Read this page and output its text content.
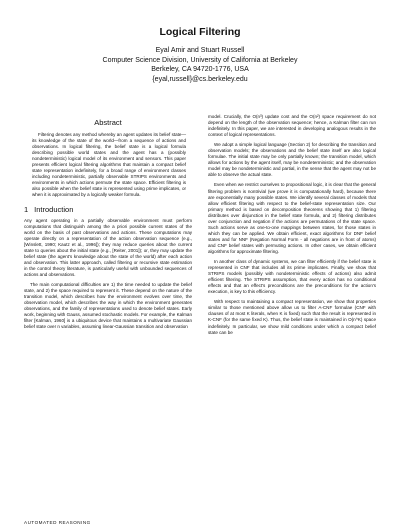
Logical Filtering
Eyal Amir and Stuart Russell
Computer Science Division, University of California at Berkeley
Berkeley, CA 94720-1776, USA
{eyal,russell}@cs.berkeley.edu
Abstract

Filtering denotes any method whereby an agent updates its belief state—its knowledge of the state of the world—from a sequence of actions and observations. In logical filtering, the belief state is a logical formula describing possible world states and the agent has a (possibly nondeterministic) logical model of its environment and sensors. This paper presents efficient logical filtering algorithms that maintain a compact belief state representation indefinitely, for a broad range of environment classes including nondeterministic, partially observable STRIPS environments and environments in which actions permute the state space. Efficient filtering is also possible when the belief state is represented using prime implicates, or when it is approximated by a logically weaker formula.

1 Introduction

Any agent operating in a partially observable environment must perform computations that distinguish among the a priori possible current states of the world on the basis of past observations and actions. These computations may operate directly on a representation of the action observation sequence (e.g., [Winslett, 1990; Kautz et al., 1996]); they may reduce queries about the current state to queries about the initial state (e.g., [Reiter, 2001]); or, they may update the belief state (the agent's knowledge about the state of the world) after each action and observation. This latter approach, called filtering or recursive state estimation in the control theory literature, is particularly useful with unbounded sequences of actions and observations.

The main computational difficulties are 1) the time needed to update the belief state, and 2) the space required to represent it. These depend on the nature of the transition model, which describes how the environment evolves over time, the observation model, which describes the way in which the environment generates observations, and the family of representations used to denote belief states. Early work, beginning with Gauss, assumed stochastic models. For example, the Kalman filter [Kalman, 1960] is a ubiquitous device that maintains a multivariate Gaussian belief state over n variables, assuming linear-Gaussian transition and observation

model. Crucially, the O(n³) update cost and the O(n²) space requirement do not depend on the length of the observation sequence; hence, a Kalman filter can run indefinitely. In this paper, we are interested in developing analogous results in the context of logical representations.

We adopt a simple logical language (Section 2) for describing the transition and observation models; the observations and the belief state itself are also logical formulae. The initial state may be only partially known; the transition model, which allows for actions by the agent itself, may be nondeterministic; and the observation model may be nondeterministic and partial, in the sense that the agent may not be able to observe the actual state.

Even when we restrict ourselves to propositional logic, it is clear that the general filtering problem is nontrivial (we prove it is computationally hard), because there are exponentially many possible states. We identify several classes of models that allow efficient filtering with respect to the belief-state representation size. Our primary method is based on decomposition theorems showing that 1) filtering distributes over disjunction in the belief state formula, and 2) filtering distributes over conjunction and negation if the actions are permutations of the state space. Such actions serve as one-to-one mappings between states, for those states in which they can be applied. We obtain efficient, exact algorithms for DNF belief states and for NNF (Negation Normal Form - all negations are in front of atoms) and CNF belief states with permuting actions. In other cases, we obtain efficient algorithms for approximate filtering.

In another class of dynamic systems, we can filter efficiently if the belief state is represented in CNF that includes all its prime implicates. Finally, we show that STRIPS models (possibly with nondeterministic effects of actions) also admit efficient filtering. The STRIPS assumption, that every action has no conditional effects and that an effect's preconditions are the preconditions for the action's execution, is key to this efficiency.

With respect to maintaining a compact representation, we show that properties similar to those mentioned above allow us to filter A-CNF formulae (CNF with clauses of at most K literals, when K is fixed) such that the result is represented in K-CNF (for the same fixed K). Thus, the belief state is maintained in O(n^K) space indefinitely. In particular, we show mild conditions under which a compact belief state can be

AUTOMATED REASONING
